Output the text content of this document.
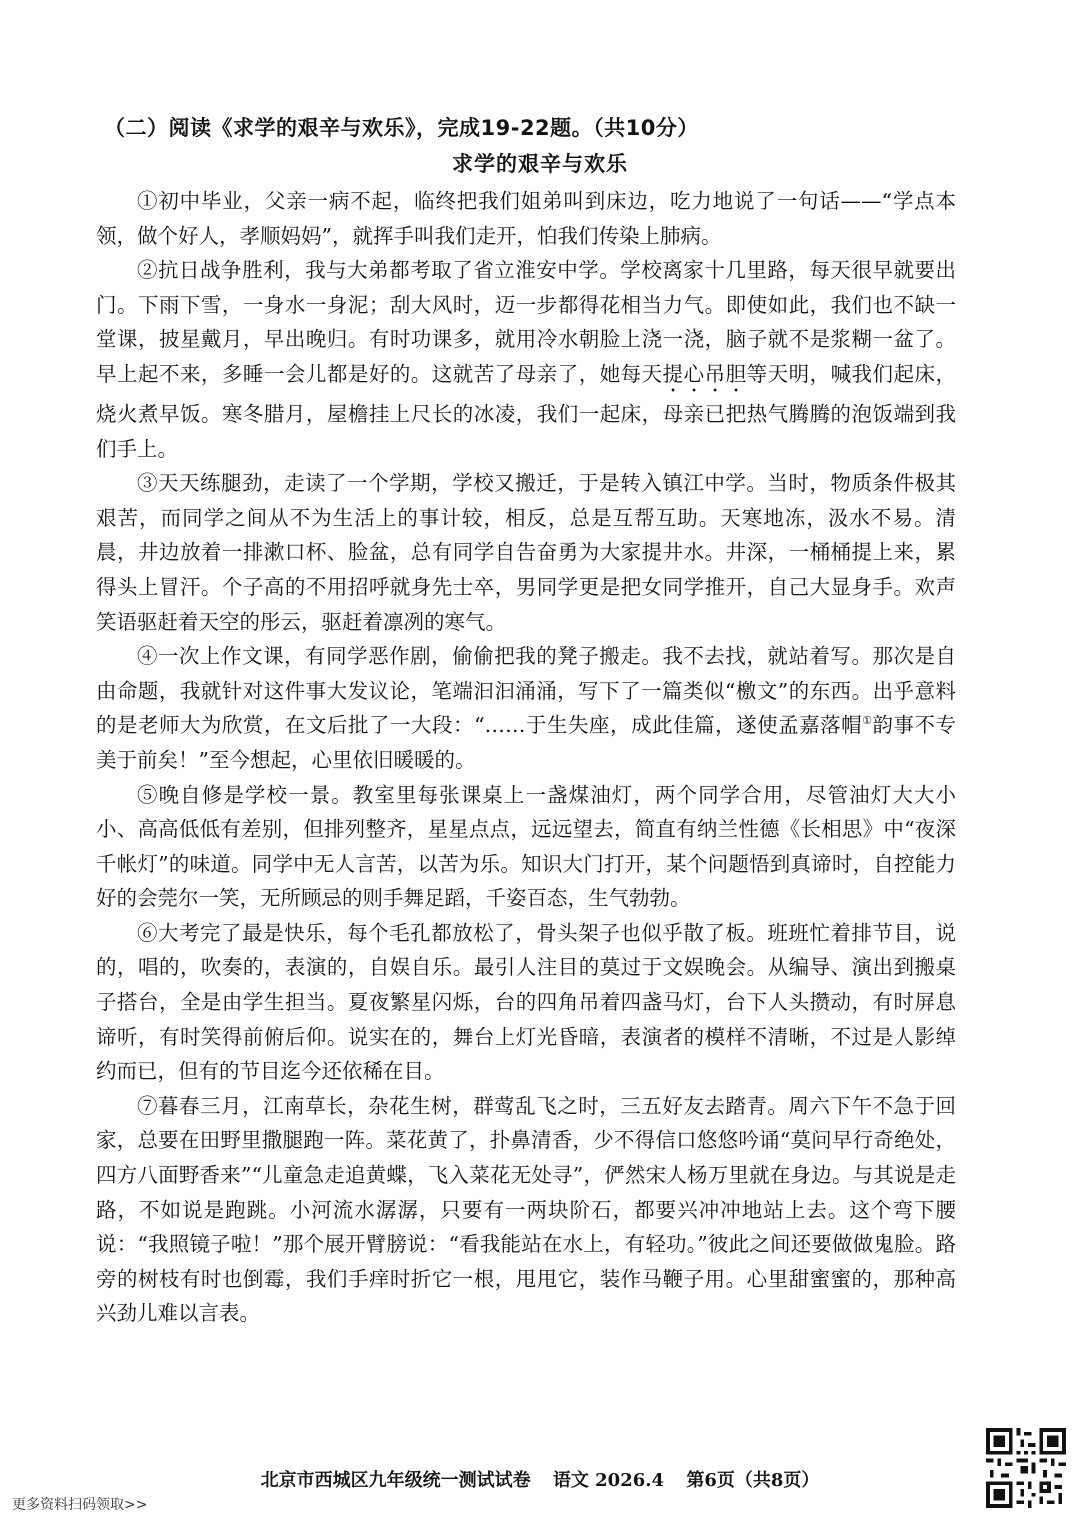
（二）阅读《求学的艰辛与欢乐》，完成19-22题。（共10分）
求学的艰辛与欢乐

①初中毕业，父亲一病不起，临终把我们姐弟叫到床边，吃力地说了一句话——“学点本领，做个好人，孝顺妈妈”，就挥手叫我们走开，怕我们传染上肺病。

②抗日战争胜利，我与大弟都考取了省立淮安中学。学校离家十几里路，每天很早就要出门。下雨下雪，一身水一身泥；刮大风时，迈一步都得花相当力气。即使如此，我们也不缺一堂课，披星戴月，早出晚归。有时功课多，就用冷水朝脸上浇一浇，脑子就不是浆糊一盆了。早上起不来，多睡一会儿都是好的。这就苦了母亲了，她每天提心吊胆等天明，喊我们起床，烧火煮早饭。寒冬腊月，屋檐挂上尺长的冰凌，我们一起床，母亲已把热气腾腾的泡饭端到我们手上。

③天天练腿劲，走读了一个学期，学校又搬迁，于是转入镇江中学。当时，物质条件极其艰苦，而同学之间从不为生活上的事计较，相反，总是互帮互助。天寒地冻，汲水不易。清晨，井边放着一排漱口杯、脸盆，总有同学自告奋勇为大家提井水。井深，一桶桶提上来，累得头上冒汗。个子高的不用招呼就身先士卒，男同学更是把女同学推开，自己大显身手。欢声笑语驱赶着天空的彤云，驱赶着凛冽的寒气。

④一次上作文课，有同学恶作剧，偷偷把我的凳子搬走。我不去找，就站着写。那次是自由命题，我就针对这件事大发议论，笔端汩汩涌涌，写下了一篇类似“檄文”的东西。出乎意料的是老师大为欣赏，在文后批了一大段：“……于生失座，成此佳篇，遂使孟嘉落帽①韵事不专美于前矣！”至今想起，心里依旧暖暖的。

⑤晚自修是学校一景。教室里每张课桌上一盏煤油灯，两个同学合用，尽管油灯大大小小、高高低低有差别，但排列整齐，星星点点，远远望去，简直有纳兰性德《长相思》中“夜深千帐灯”的味道。同学中无人言苦，以苦为乐。知识大门打开，某个问题悟到真谛时，自控能力好的会莞尔一笑，无所顾忌的则手舞足蹈，千姿百态，生气勃勃。

⑥大考完了最是快乐，每个毛孔都放松了，骨头架子也似乎散了板。班班忙着排节目，说的，唱的，吹奏的，表演的，自娱自乐。最引人注目的莫过于文娱晚会。从编导、演出到搬桌子搭台，全是由学生担当。夏夜繁星闪烁，台的四角吊着四盏马灯，台下人头攒动，有时屏息谛听，有时笑得前俯后仰。说实在的，舞台上灯光昏暗，表演者的模样不清晰，不过是人影绰约而已，但有的节目迄今还依稀在目。

⑦暮春三月，江南草长，杂花生树，群莺乱飞之时，三五好友去踏青。周六下午不急于回家，总要在田野里撒腿跑一阵。菜花黄了，扑鼻清香，少不得信口悠悠吟诵“莫问早行奇绝处，四方八面野香来”“儿童急走追黄蝶，飞入菜花无处寻”，俨然宋人杨万里就在身边。与其说是走路，不如说是跑跳。小河流水潺潺，只要有一两块阶石，都要兴冲冲地站上去。这个弯下腰说：“我照镜子啦！”那个展开臂膀说：“看我能站在水上，有轻功。”彼此之间还要做做鬼脸。路旁的树枝有时也倒霉，我们手痒时折它一根，甩甩它，装作马鞭子用。心里甜蜜蜜的，那种高兴劲儿难以言表。

北京市西城区九年级统一测试试卷 语文 2026.4 第6页（共8页）
更多资料扫码领取>>
